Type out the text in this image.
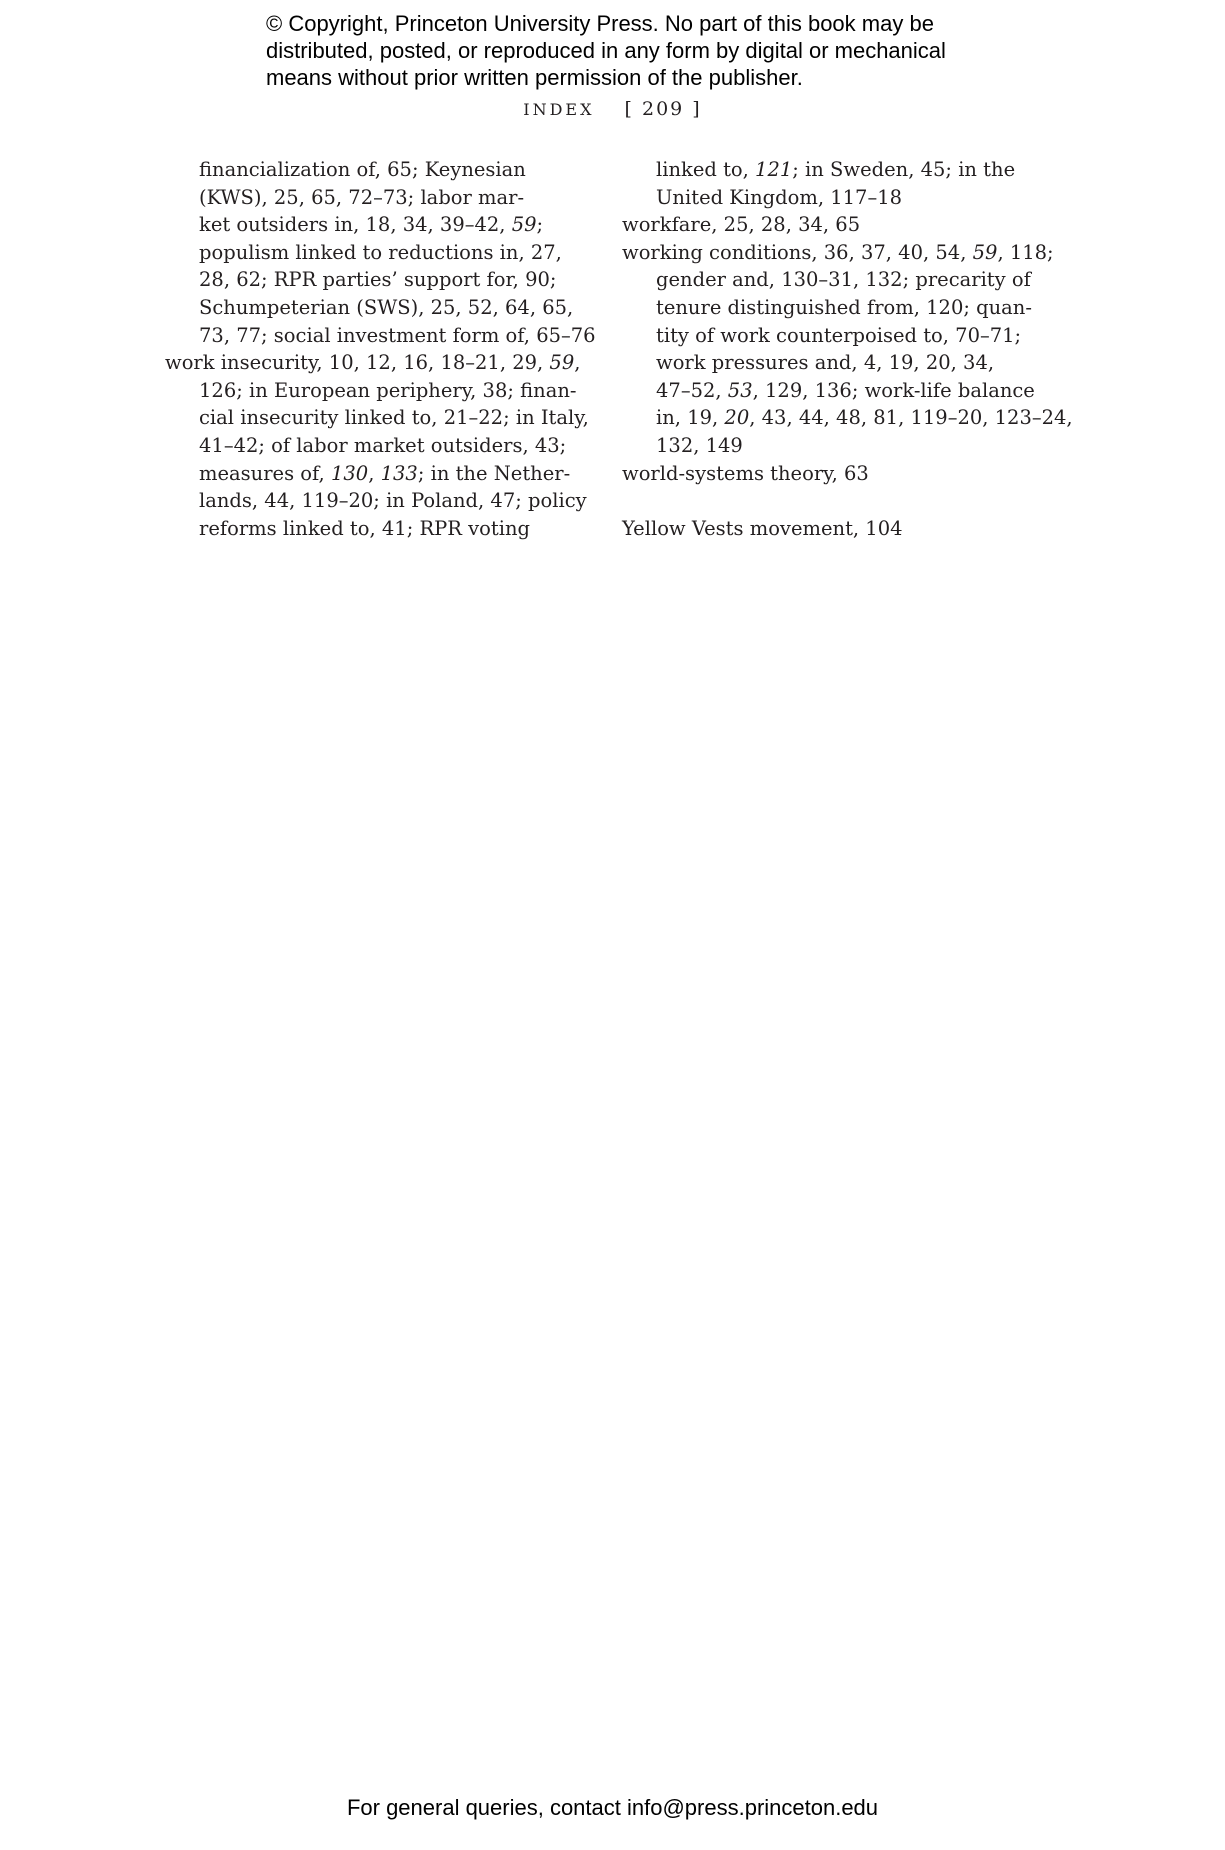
© Copyright, Princeton University Press. No part of this book may be
distributed, posted, or reproduced in any form by digital or mechanical
means without prior written permission of the publisher.
INDEX [ 209 ]
financialization of, 65; Keynesian
(KWS), 25, 65, 72–73; labor mar-
ket outsiders in, 18, 34, 39–42, 59;
populism linked to reductions in, 27,
28, 62; RPR parties’ support for, 90;
Schumpeterian (SWS), 25, 52, 64, 65,
73, 77; social investment form of, 65–76
work insecurity, 10, 12, 16, 18–21, 29, 59,
126; in European periphery, 38; finan-
cial insecurity linked to, 21–22; in Italy,
41–42; of labor market outsiders, 43;
measures of, 130, 133; in the Nether-
lands, 44, 119–20; in Poland, 47; policy
reforms linked to, 41; RPR voting
linked to, 121; in Sweden, 45; in the
United Kingdom, 117–18
workfare, 25, 28, 34, 65
working conditions, 36, 37, 40, 54, 59, 118;
gender and, 130–31, 132; precarity of
tenure distinguished from, 120; quan-
tity of work counterpoised to, 70–71;
work pressures and, 4, 19, 20, 34,
47–52, 53, 129, 136; work-life balance
in, 19, 20, 43, 44, 48, 81, 119–20, 123–24,
132, 149
world-systems theory, 63
Yellow Vests movement, 104
For general queries, contact info@press.princeton.edu
